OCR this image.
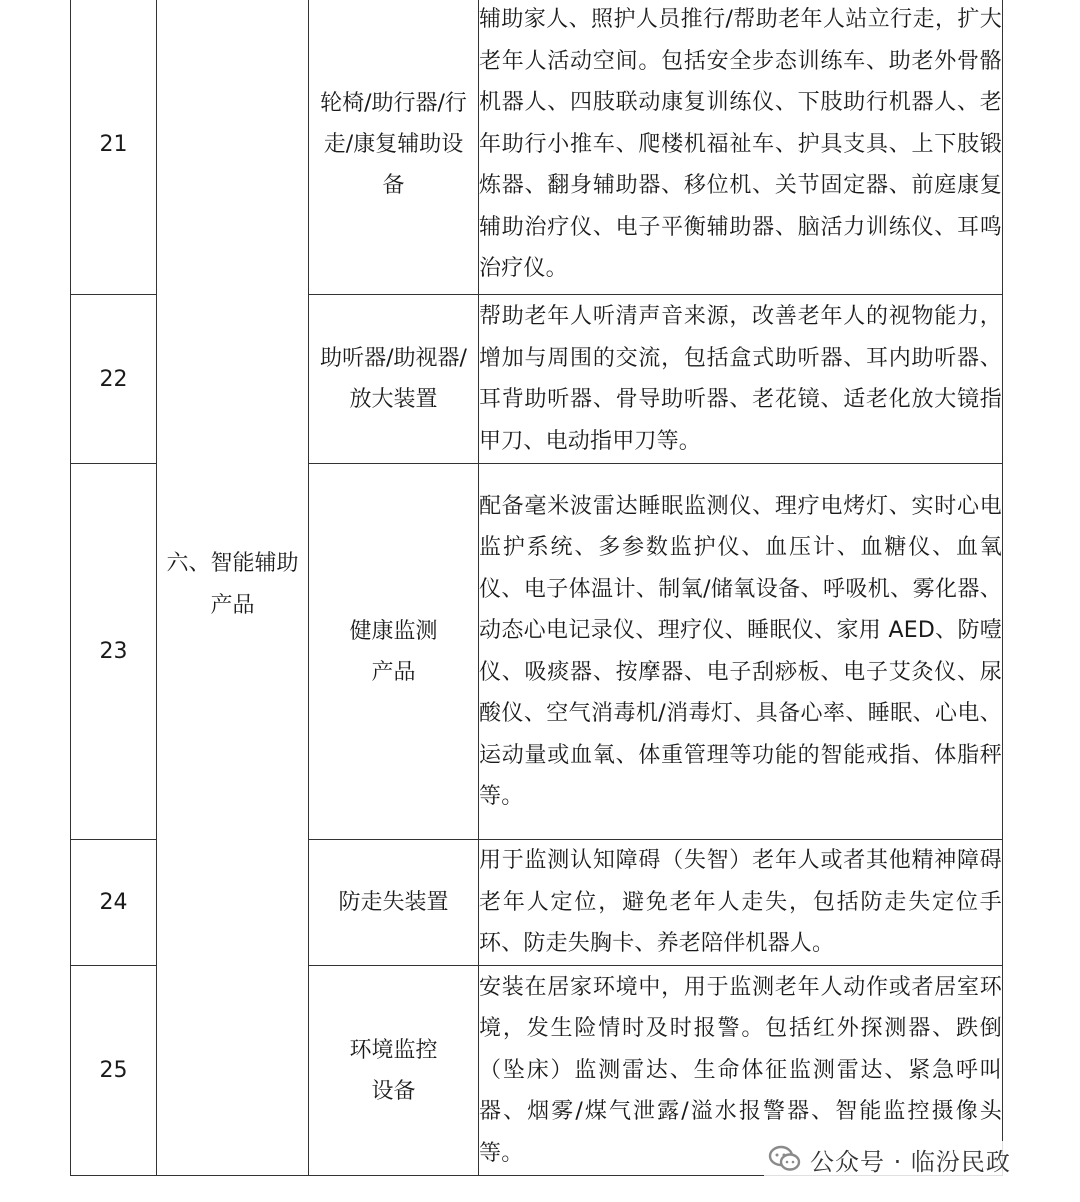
21	六、智能辅助产品	轮椅/助行器/行走/康复辅助设备	辅助家人、照护人员推行/帮助老年人站立行走，扩大老年人活动空间。包括安全步态训练车、助老外骨骼机器人、四肢联动康复训练仪、下肢助行机器人、老年助行小推车、爬楼机福祉车、护具支具、上下肢锻炼器、翻身辅助器、移位机、关节固定器、前庭康复辅助治疗仪、电子平衡辅助器、脑活力训练仪、耳鸣治疗仪。
22		助听器/助视器/放大装置	帮助老年人听清声音来源，改善老年人的视物能力，增加与周围的交流，包括盒式助听器、耳内助听器、耳背助听器、骨导助听器、老花镜、适老化放大镜指甲刀、电动指甲刀等。
23		健康监测产品	配备毫米波雷达睡眠监测仪、理疗电烤灯、实时心电监护系统、多参数监护仪、血压计、血糖仪、血氧仪、电子体温计、制氧/储氧设备、呼吸机、雾化器、动态心电记录仪、理疗仪、睡眠仪、家用 AED、防噎仪、吸痰器、按摩器、电子刮痧板、电子艾灸仪、尿酸仪、空气消毒机/消毒灯、具备心率、睡眠、心电、运动量或血氧、体重管理等功能的智能戒指、体脂秤等。
24		防走失装置	用于监测认知障碍（失智）老年人或者其他精神障碍老年人定位，避免老年人走失，包括防走失定位手环、防走失胸卡、养老陪伴机器人。
25		环境监控设备	安装在居家环境中，用于监测老年人动作或者居室环境，发生险情时及时报警。包括红外探测器、跌倒（坠床）监测雷达、生命体征监测雷达、紧急呼叫器、烟雾/煤气泄露/溢水报警器、智能监控摄像头等。	公众号 · 临汾民政
